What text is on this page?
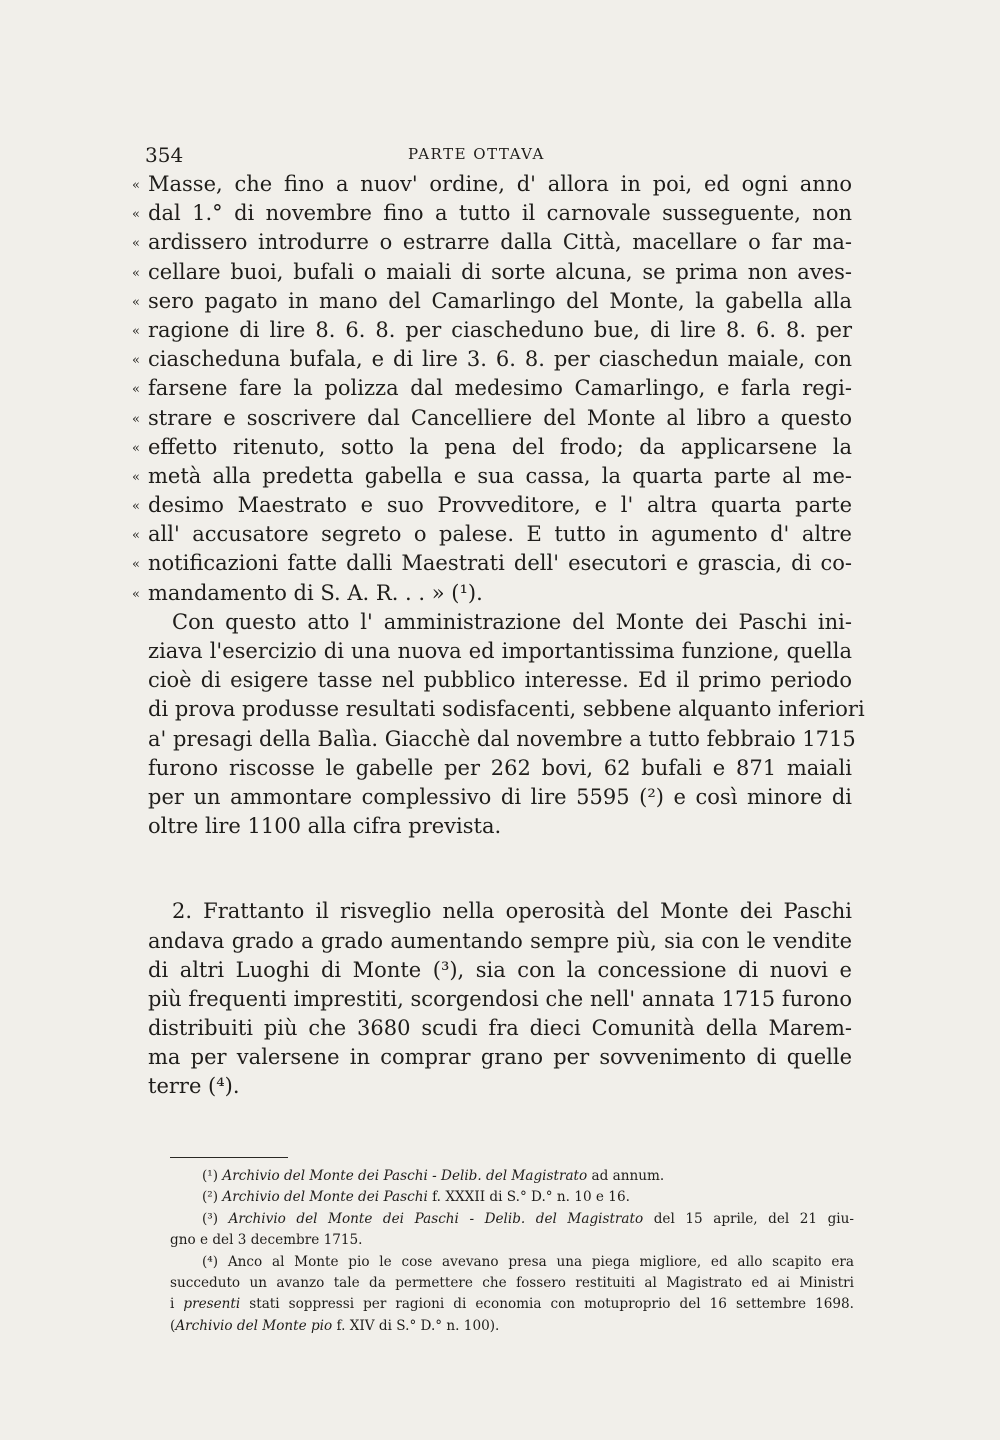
354	PARTE OTTAVA
« Masse, che fino a nuov' ordine, d' allora in poi, ed ogni anno
« dal 1.° di novembre fino a tutto il carnovale susseguente, non
« ardissero introdurre o estrarre dalla Città, macellare o far ma-
« cellare buoi, bufali o maiali di sorte alcuna, se prima non aves-
« sero pagato in mano del Camarlingo del Monte, la gabella alla
« ragione di lire 8. 6. 8. per ciascheduno bue, di lire 8. 6. 8. per
« ciascheduna bufala, e di lire 3. 6. 8. per ciaschedun maiale, con
« farsene fare la polizza dal medesimo Camarlingo, e farla regi-
« strare e soscrivere dal Cancelliere del Monte al libro a questo
« effetto ritenuto, sotto la pena del frodo; da applicarsene la
« metà alla predetta gabella e sua cassa, la quarta parte al me-
« desimo Maestrato e suo Provveditore, e l' altra quarta parte
« all' accusatore segreto o palese. E tutto in agumento d' altre
« notificazioni fatte dalli Maestrati dell' esecutori e grascia, di co-
« mandamento di S. A. R. . . » (¹).
Con questo atto l' amministrazione del Monte dei Paschi ini-
ziava l'esercizio di una nuova ed importantissima funzione, quella
cioè di esigere tasse nel pubblico interesse. Ed il primo periodo
di prova produsse resultati sodisfacenti, sebbene alquanto inferiori
a' presagi della Balìa. Giacchè dal novembre a tutto febbraio 1715
furono riscosse le gabelle per 262 bovi, 62 bufali e 871 maiali
per un ammontare complessivo di lire 5595 (²) e così minore di
oltre lire 1100 alla cifra prevista.
2. Frattanto il risveglio nella operosità del Monte dei Paschi
andava grado a grado aumentando sempre più, sia con le vendite
di altri Luoghi di Monte (³), sia con la concessione di nuovi e
più frequenti imprestiti, scorgendosi che nell' annata 1715 furono
distribuiti più che 3680 scudi fra dieci Comunità della Marem-
ma per valersene in comprar grano per sovvenimento di quelle
terre (⁴).
(¹) Archivio del Monte dei Paschi - Delib. del Magistrato ad annum.
(²) Archivio del Monte dei Paschi f. XXXII di S.° D.° n. 10 e 16.
(³) Archivio del Monte dei Paschi - Delib. del Magistrato del 15 aprile, del 21 giu-
gno e del 3 decembre 1715.
(⁴) Anco al Monte pio le cose avevano presa una piega migliore, ed allo scapito era
succeduto un avanzo tale da permettere che fossero restituiti al Magistrato ed ai Ministri
i presenti stati soppressi per ragioni di economia con motuproprio del 16 settembre 1698.
(Archivio del Monte pio f. XIV di S.° D.° n. 100).
